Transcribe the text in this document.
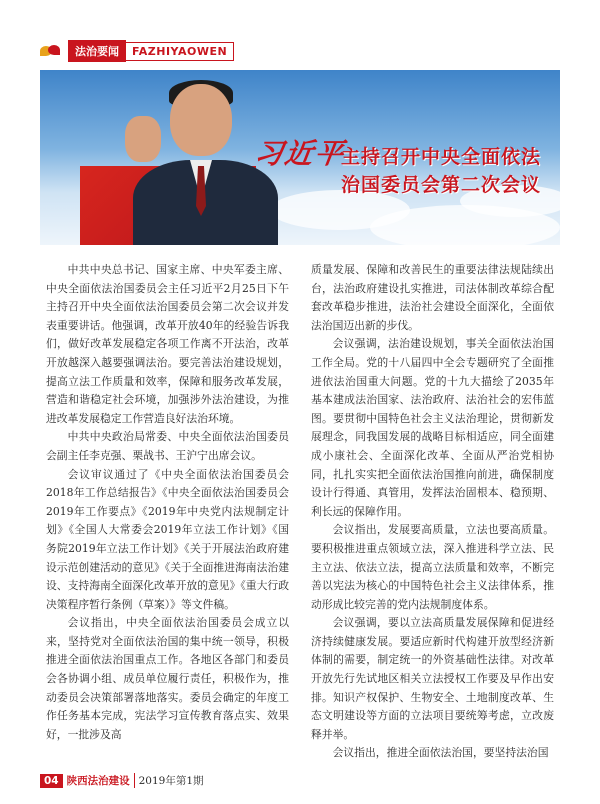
法治要闻	FAZHIYAOWEN
习近平
主持召开中央全面依法
治国委员会第二次会议

中共中央总书记、国家主席、中央军委主席、中央全面依法治国委员会主任习近平2月25日下午主持召开中央全面依法治国委员会第二次会议并发表重要讲话。他强调，改革开放40年的经验告诉我们，做好改革发展稳定各项工作离不开法治，改革开放越深入越要强调法治。要完善法治建设规划，提高立法工作质量和效率，保障和服务改革发展，营造和谐稳定社会环境，加强涉外法治建设，为推进改革发展稳定工作营造良好法治环境。

中共中央政治局常委、中央全面依法治国委员会副主任李克强、栗战书、王沪宁出席会议。

会议审议通过了《中央全面依法治国委员会2018年工作总结报告》《中央全面依法治国委员会2019年工作要点》《2019年中央党内法规制定计划》《全国人大常委会2019年立法工作计划》《国务院2019年立法工作计划》《关于开展法治政府建设示范创建活动的意见》《关于全面推进海南法治建设、支持海南全面深化改革开放的意见》《重大行政决策程序暂行条例（草案）》等文件稿。

会议指出，中央全面依法治国委员会成立以来，坚持党对全面依法治国的集中统一领导，积极推进全面依法治国重点工作。各地区各部门和委员会各协调小组、成员单位履行责任，积极作为，推动委员会决策部署落地落实。委员会确定的年度工作任务基本完成，宪法学习宣传教育落点实、效果好，一批涉及高

质量发展、保障和改善民生的重要法律法规陆续出台，法治政府建设扎实推进，司法体制改革综合配套改革稳步推进，法治社会建设全面深化，全面依法治国迈出新的步伐。

会议强调，法治建设规划，事关全面依法治国工作全局。党的十八届四中全会专题研究了全面推进依法治国重大问题。党的十九大描绘了2035年基本建成法治国家、法治政府、法治社会的宏伟蓝图。要贯彻中国特色社会主义法治理论，贯彻新发展理念，同我国发展的战略目标相适应，同全面建成小康社会、全面深化改革、全面从严治党相协同，扎扎实实把全面依法治国推向前进，确保制度设计行得通、真管用，发挥法治固根本、稳预期、利长远的保障作用。

会议指出，发展要高质量，立法也要高质量。要积极推进重点领域立法，深入推进科学立法、民主立法、依法立法，提高立法质量和效率，不断完善以宪法为核心的中国特色社会主义法律体系，推动形成比较完善的党内法规制度体系。

会议强调，要以立法高质量发展保障和促进经济持续健康发展。要适应新时代构建开放型经济新体制的需要，制定统一的外资基础性法律。对改革开放先行先试地区相关立法授权工作要及早作出安排。知识产权保护、生物安全、土地制度改革、生态文明建设等方面的立法项目要统筹考虑，立改废释并举。

会议指出，推进全面依法治国，要坚持法治国

04 陕西法治建设 2019年第1期
